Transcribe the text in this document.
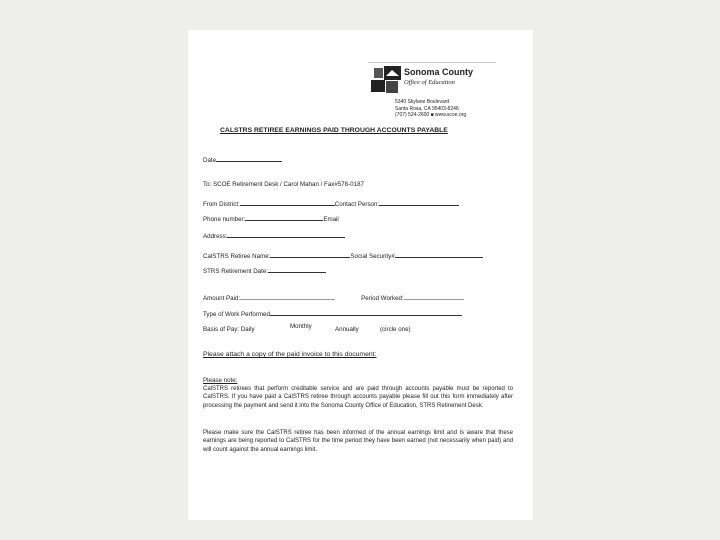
Sonoma County
Office of Education
5340 Skylane Boulevard
Santa Rosa, CA 95403-8246
(707) 524-2600 ■ www.scoe.org
CALSTRS RETIREE EARNINGS PAID THROUGH ACCOUNTS PAYABLE
Date
To: SCOE Retirement Desk / Carol Mahan / Fax#578-0187
From District:	Contact Person:
Phone number:	Email
Address:
CalSTRS Retiree Name:	Social Security#
STRS Retirement Date:
Amount Paid:	Period Worked:
Type of Work Performed
Basis of Pay: Daily	Monthly	Annually	(circle one)
Please attach a copy of the paid invoice to this document:
Please note:
CalSTRS retirees that perform creditable service and are paid through accounts payable must be reported to CalSTRS. If you have paid a CalSTRS retiree through accounts payable please fill out this form immediately after processing the payment and send it into the Sonoma County Office of Education, STRS Retirement Desk.
Please make sure the CalSTRS retiree has been informed of the annual earnings limit and is aware that these earnings are being reported to CalSTRS for the time period they have been earned (not necessarily when paid) and will count against the annual earnings limit.
